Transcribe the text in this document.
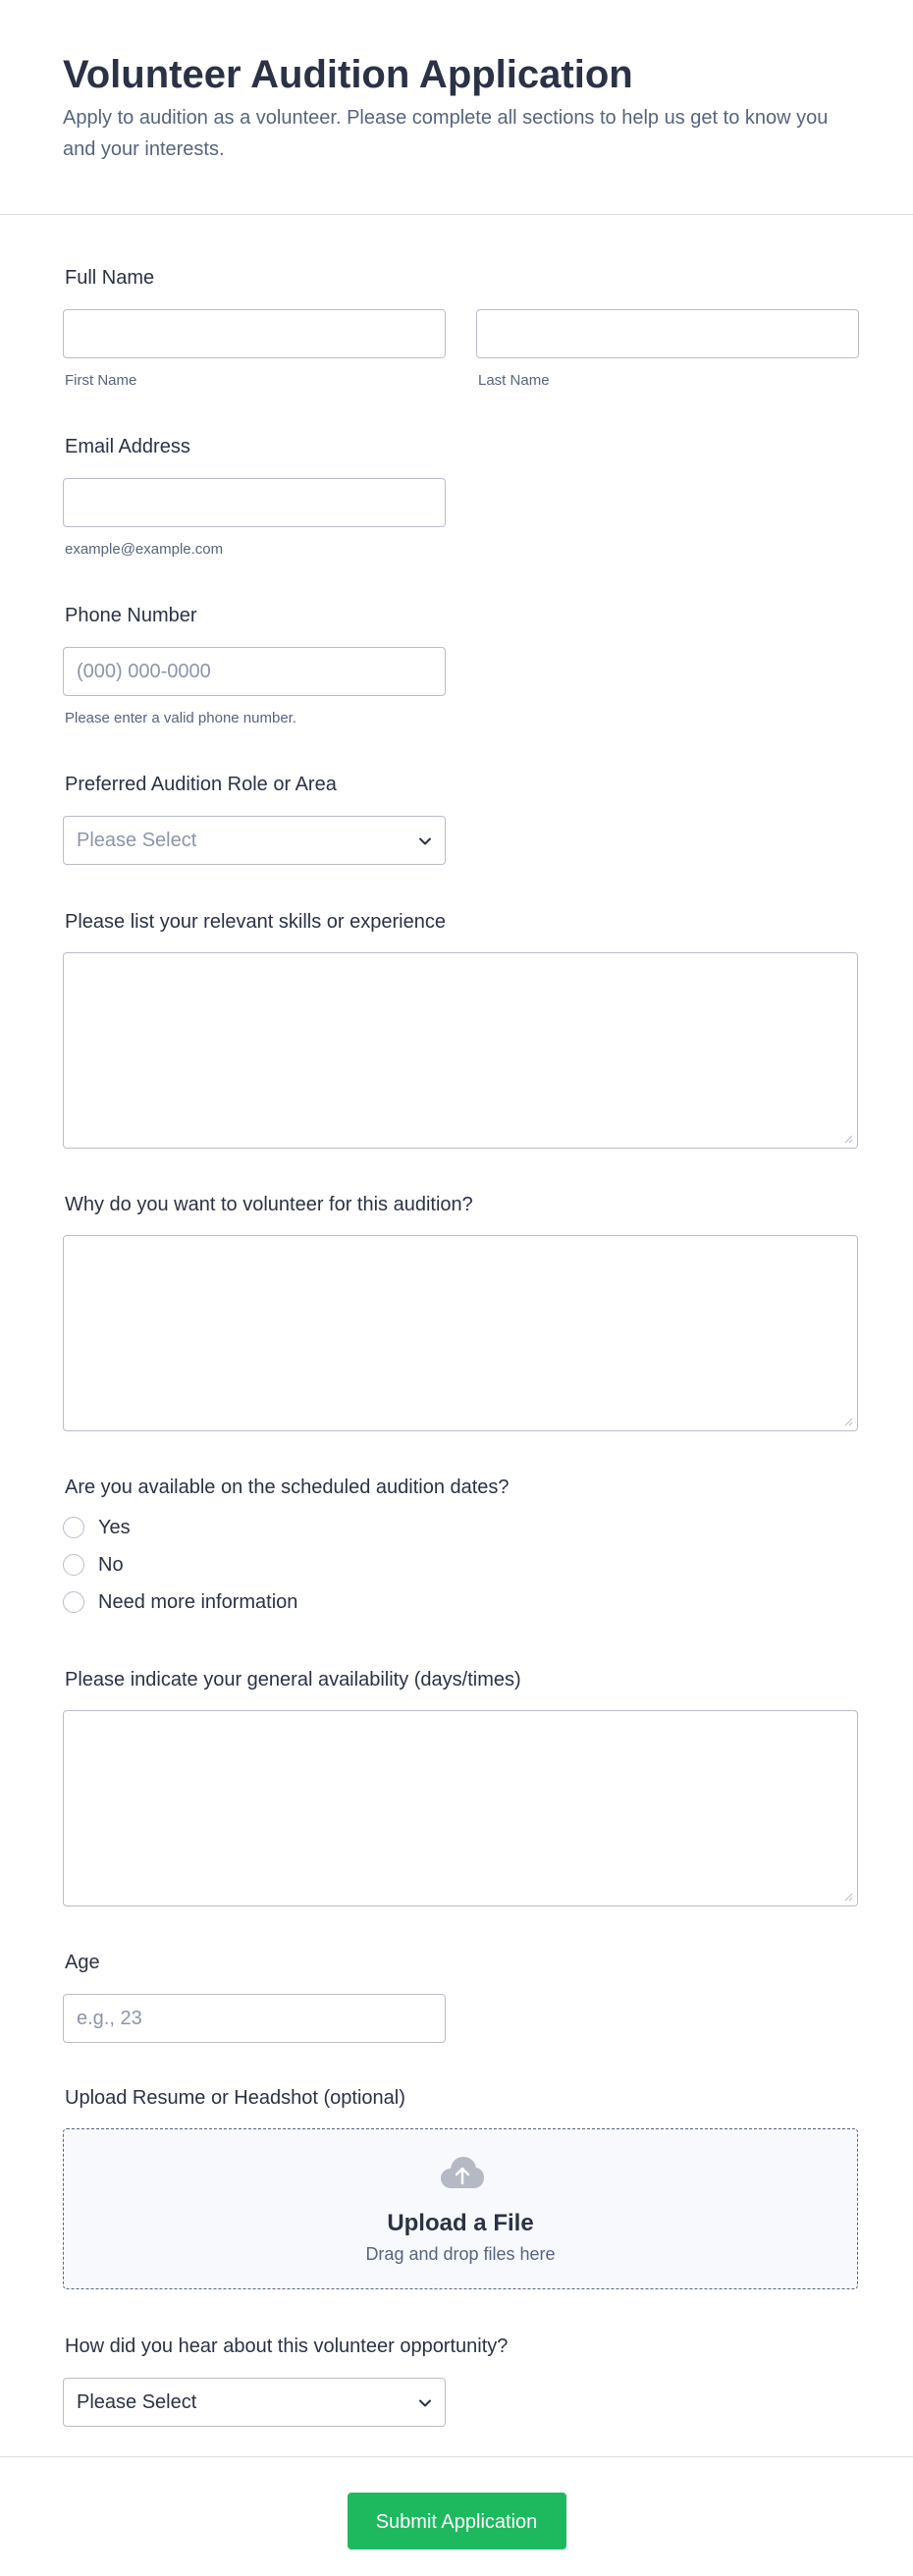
Volunteer Audition Application
Apply to audition as a volunteer. Please complete all sections to help us get to know you and your interests.
Full Name
First Name	Last Name
Email Address
example@example.com
Phone Number
(000) 000-0000
Please enter a valid phone number.
Preferred Audition Role or Area
Please Select
Please list your relevant skills or experience
Why do you want to volunteer for this audition?
Are you available on the scheduled audition dates?
Yes
No
Need more information
Please indicate your general availability (days/times)
Age
e.g., 23
Upload Resume or Headshot (optional)
Upload a File
Drag and drop files here
How did you hear about this volunteer opportunity?
Please Select
Submit Application
